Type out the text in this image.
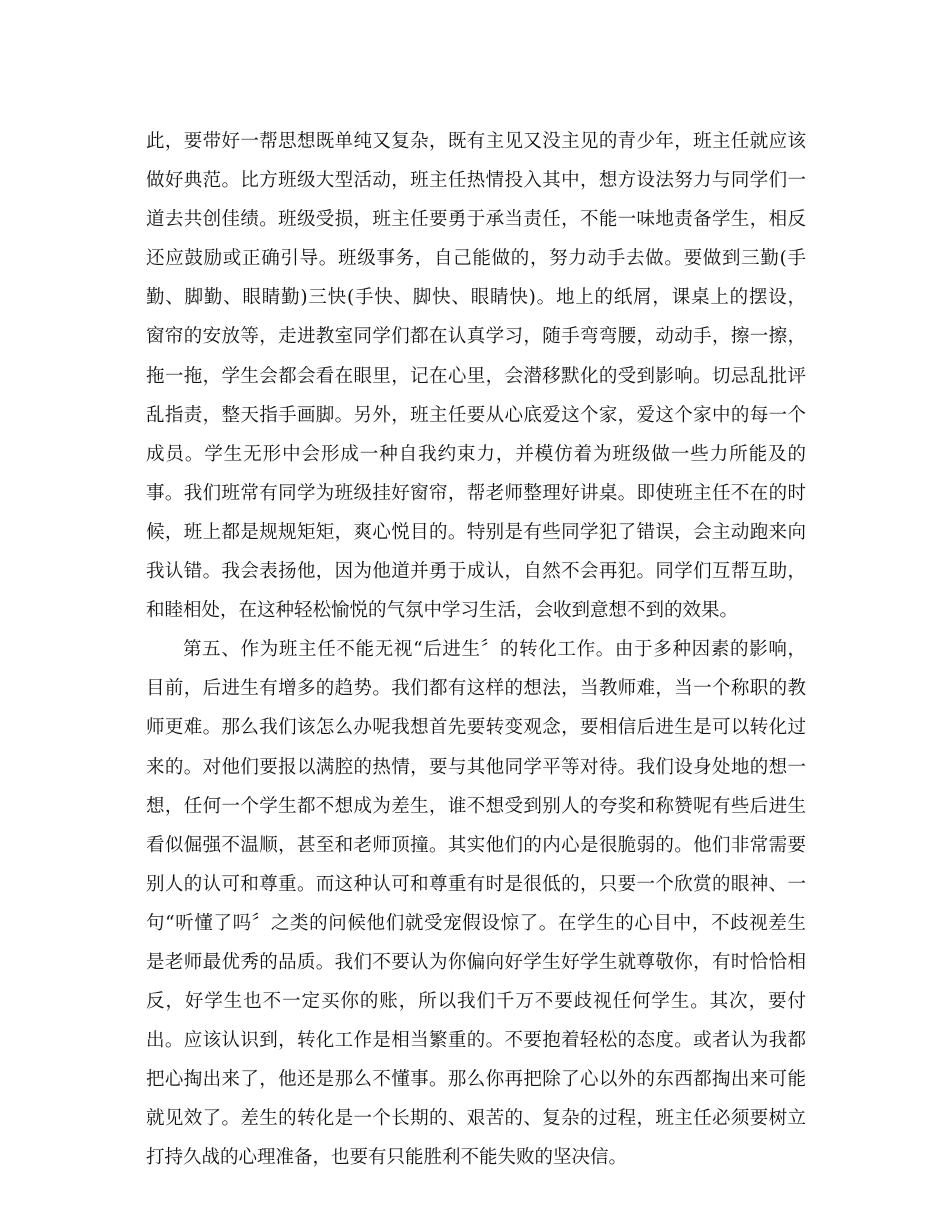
此，要带好一帮思想既单纯又复杂，既有主见又没主见的青少年，班主任就应该
做好典范。比方班级大型活动，班主任热情投入其中，想方设法努力与同学们一
道去共创佳绩。班级受损，班主任要勇于承当责任，不能一味地责备学生，相反
还应鼓励或正确引导。班级事务，自己能做的，努力动手去做。要做到三勤(手
勤、脚勤、眼睛勤)三快(手快、脚快、眼睛快)。地上的纸屑，课桌上的摆设，
窗帘的安放等，走进教室同学们都在认真学习，随手弯弯腰，动动手，擦一擦，
拖一拖，学生会都会看在眼里，记在心里，会潜移默化的受到影响。切忌乱批评
乱指责，整天指手画脚。另外，班主任要从心底爱这个家，爱这个家中的每一个
成员。学生无形中会形成一种自我约束力，并模仿着为班级做一些力所能及的
事。我们班常有同学为班级挂好窗帘，帮老师整理好讲桌。即使班主任不在的时
候，班上都是规规矩矩，爽心悦目的。特别是有些同学犯了错误，会主动跑来向
我认错。我会表扬他，因为他道并勇于成认，自然不会再犯。同学们互帮互助，
和睦相处，在这种轻松愉悦的气氛中学习生活，会收到意想不到的效果。
第五、作为班主任不能无视“后进生〞的转化工作。由于多种因素的影响，
目前，后进生有增多的趋势。我们都有这样的想法，当教师难，当一个称职的教
师更难。那么我们该怎么办呢我想首先要转变观念，要相信后进生是可以转化过
来的。对他们要报以满腔的热情，要与其他同学平等对待。我们设身处地的想一
想，任何一个学生都不想成为差生，谁不想受到别人的夸奖和称赞呢有些后进生
看似倔强不温顺，甚至和老师顶撞。其实他们的内心是很脆弱的。他们非常需要
别人的认可和尊重。而这种认可和尊重有时是很低的，只要一个欣赏的眼神、一
句“听懂了吗〞之类的问候他们就受宠假设惊了。在学生的心目中，不歧视差生
是老师最优秀的品质。我们不要认为你偏向好学生好学生就尊敬你，有时恰恰相
反，好学生也不一定买你的账，所以我们千万不要歧视任何学生。其次，要付
出。应该认识到，转化工作是相当繁重的。不要抱着轻松的态度。或者认为我都
把心掏出来了，他还是那么不懂事。那么你再把除了心以外的东西都掏出来可能
就见效了。差生的转化是一个长期的、艰苦的、复杂的过程，班主任必须要树立
打持久战的心理准备，也要有只能胜利不能失败的坚决信。
